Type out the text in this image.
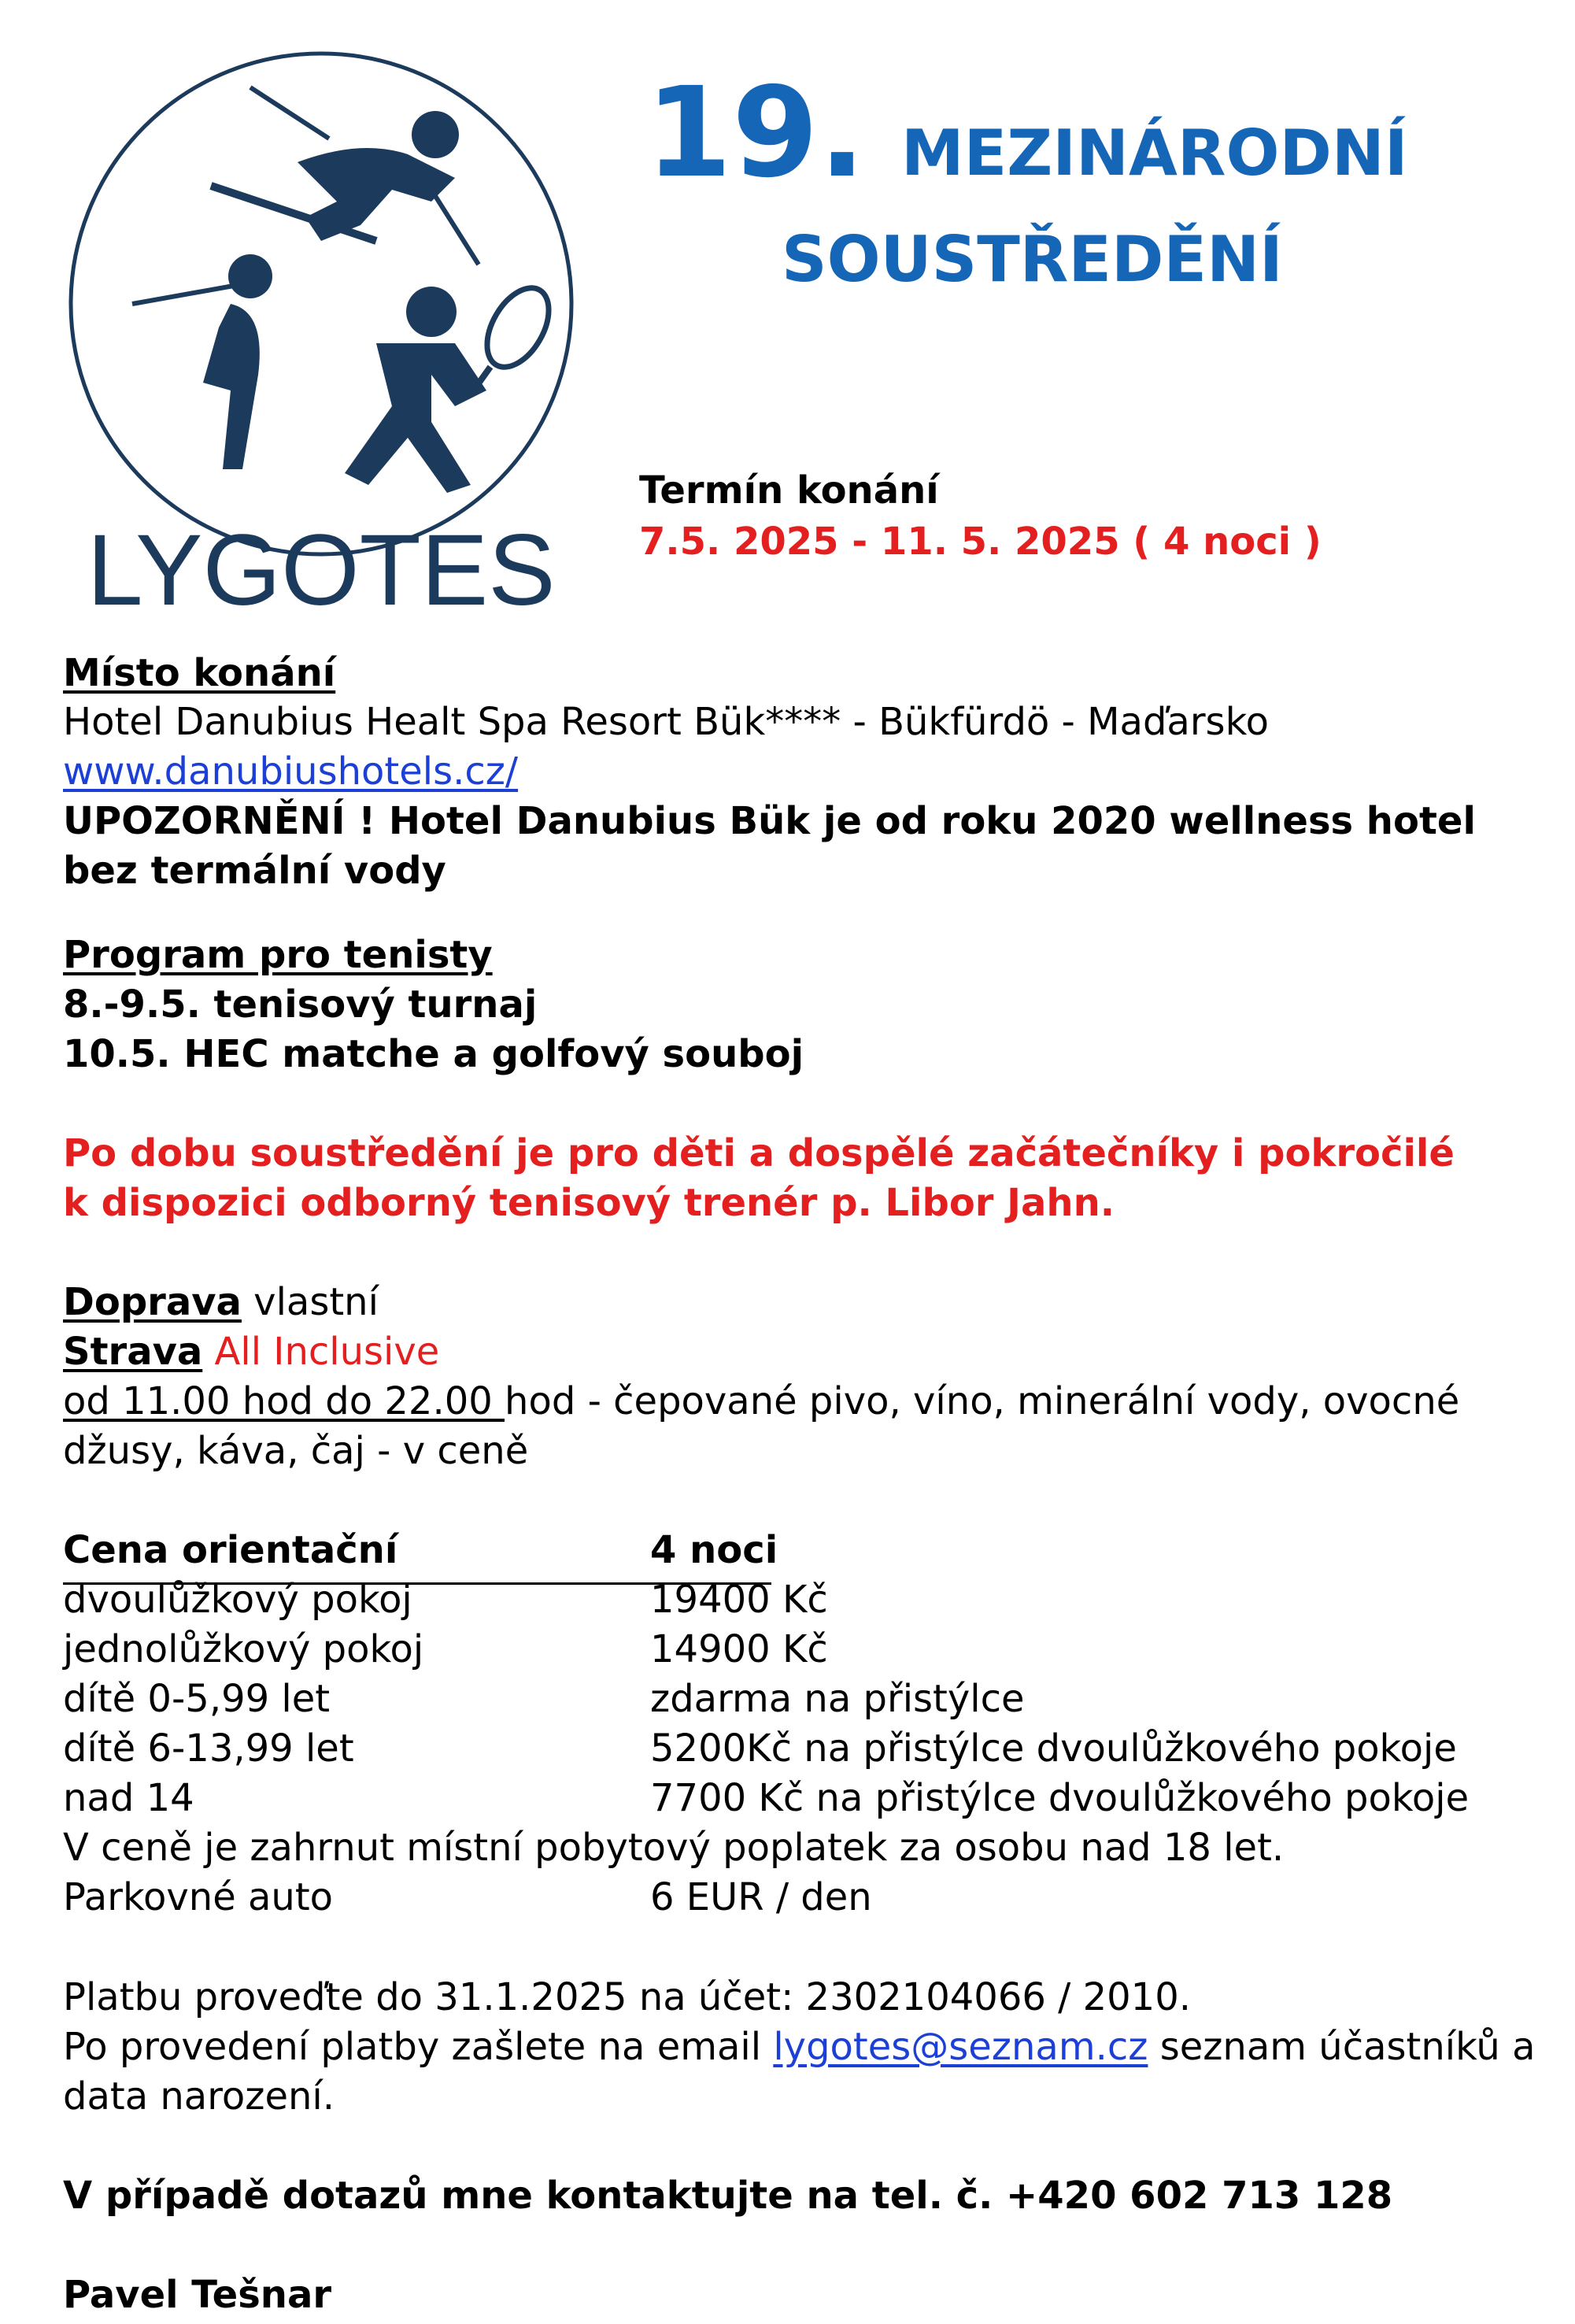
LYGOTES
19. MEZINÁRODNÍ
SOUSTŘEDĚNÍ
Termín konání
7.5. 2025 - 11. 5. 2025 ( 4 noci )
Místo konání
Hotel Danubius Healt Spa Resort Bük**** - Bükfürdö - Maďarsko
www.danubiushotels.cz/
UPOZORNĚNÍ ! Hotel Danubius Bük je od roku 2020 wellness hotel
bez termální vody
Program pro tenisty
8.-9.5. tenisový turnaj
10.5. HEC matche a golfový souboj
Po dobu soustředění je pro děti a dospělé začátečníky i pokročilé
k dispozici odborný tenisový trenér p. Libor Jahn.
Doprava vlastní
Strava All Inclusive
od 11.00 hod do 22.00 hod - čepované pivo, víno, minerální vody, ovocné
džusy, káva, čaj - v ceně
Cena orientační	4 noci
dvoulůžkový pokoj	19400 Kč
jednolůžkový pokoj	14900 Kč
dítě 0-5,99 let	zdarma na přistýlce
dítě 6-13,99 let	5200Kč na přistýlce dvoulůžkového pokoje
nad 14	7700 Kč na přistýlce dvoulůžkového pokoje
V ceně je zahrnut místní pobytový poplatek za osobu nad 18 let.
Parkovné auto	6 EUR / den
Platbu proveďte do 31.1.2025 na účet: 2302104066 / 2010.
Po provedení platby zašlete na email lygotes@seznam.cz seznam účastníků a
data narození.
V případě dotazů mne kontaktujte na tel. č. +420 602 713 128
Pavel Tešnar
